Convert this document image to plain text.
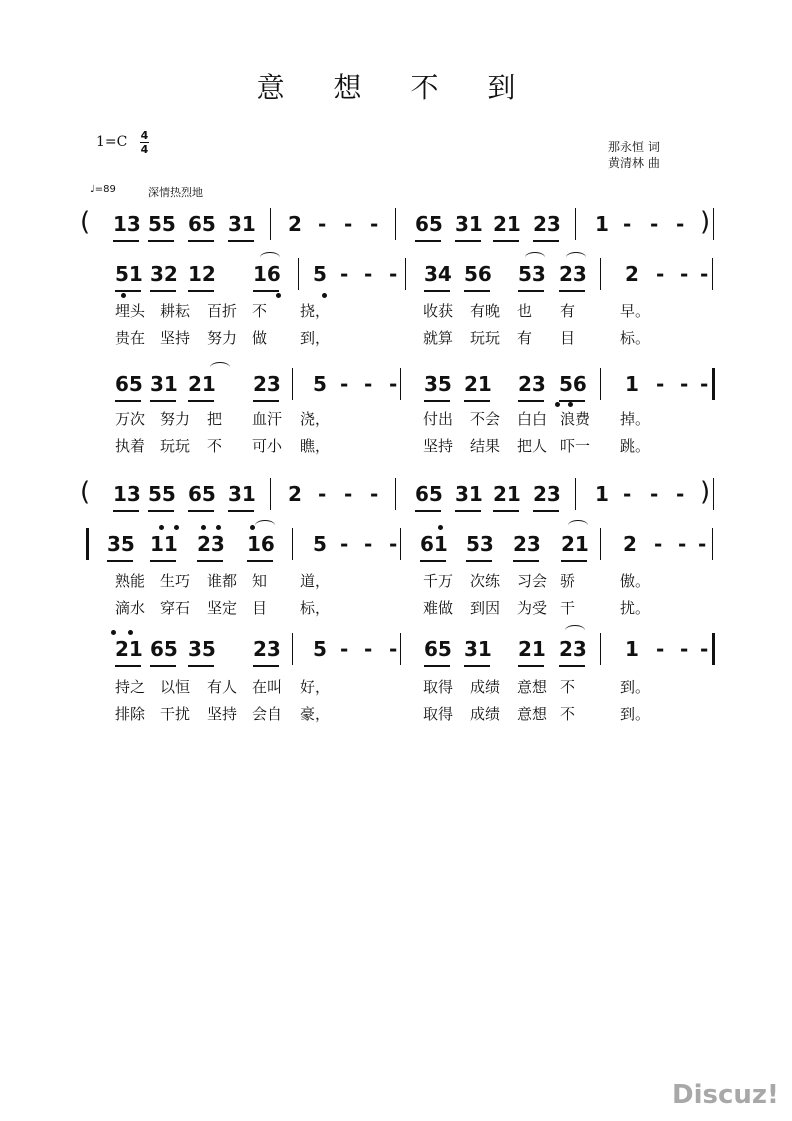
意 想 不 到
1=C 4
4	那永恒 词
黄清林 曲
♩=89	深情热烈地
( 13 55 65 31 2 - - - 65 31 21 23 1 - - - )
51 32 12 16 5 - - - 34 56 53 23 2 - - -
埋头 耕耘 百折 不 挠，	收获 有晚 也 有	早。
贵在 坚持 努力 做 到，	就算 玩玩 有 目	标。
65 31 21 23 5 - - - 35 21 23 56 1 - - -
万次 努力 把 血汗 浇，	付出 不会 白白 浪费 掉。
执着 玩玩 不 可小 瞧，	坚持 结果 把人 吓一 跳。
( 13 55 65 31 2 - - - 65 31 21 23 1 - - - )
35 11 23 16 5 - - - 61 53 23 21 2 - - -
熟能 生巧 谁都 知 道，	千万 次练 习会 骄	傲。
滴水 穿石 坚定 目 标，	难做 到因 为受 干	扰。
21 65 35 23 5 - - - 65 31 21 23 1 - - -
持之 以恒 有人 在叫 好，	取得 成绩 意想 不	到。
排除 干扰 坚持 会自 豪，	取得 成绩 意想 不	到。
Discuz!
